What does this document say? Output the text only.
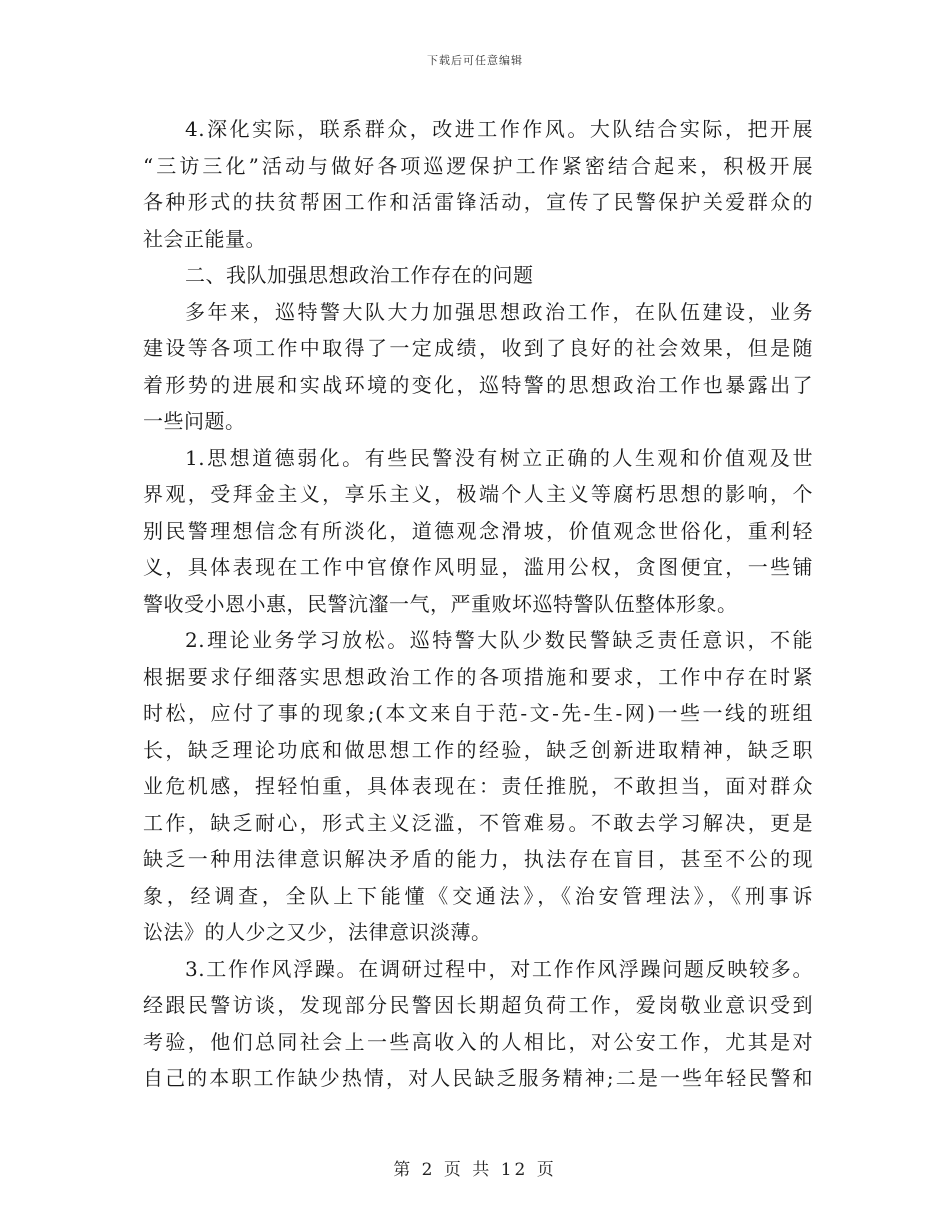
下载后可任意编辑
4.深化实际，联系群众，改进工作作风。大队结合实际，把开展
“三访三化”活动与做好各项巡逻保护工作紧密结合起来，积极开展
各种形式的扶贫帮困工作和活雷锋活动，宣传了民警保护关爱群众的
社会正能量。
二、我队加强思想政治工作存在的问题
多年来，巡特警大队大力加强思想政治工作，在队伍建设，业务
建设等各项工作中取得了一定成绩，收到了良好的社会效果，但是随
着形势的进展和实战环境的变化，巡特警的思想政治工作也暴露出了
一些问题。
1.思想道德弱化。有些民警没有树立正确的人生观和价值观及世
界观，受拜金主义，享乐主义，极端个人主义等腐朽思想的影响，个
别民警理想信念有所淡化，道德观念滑坡，价值观念世俗化，重利轻
义，具体表现在工作中官僚作风明显，滥用公权，贪图便宜，一些铺
警收受小恩小惠，民警沆瀣一气，严重败坏巡特警队伍整体形象。
2.理论业务学习放松。巡特警大队少数民警缺乏责任意识，不能
根据要求仔细落实思想政治工作的各项措施和要求，工作中存在时紧
时松，应付了事的现象;(本文来自于范-文-先-生-网)一些一线的班组
长，缺乏理论功底和做思想工作的经验，缺乏创新进取精神，缺乏职
业危机感，捏轻怕重，具体表现在：责任推脱，不敢担当，面对群众
工作，缺乏耐心，形式主义泛滥，不管难易。不敢去学习解决，更是
缺乏一种用法律意识解决矛盾的能力，执法存在盲目，甚至不公的现
象，经调查，全队上下能懂《交通法》，《治安管理法》，《刑事诉
讼法》的人少之又少，法律意识淡薄。
3.工作作风浮躁。在调研过程中，对工作作风浮躁问题反映较多。
经跟民警访谈，发现部分民警因长期超负荷工作，爱岗敬业意识受到
考验，他们总同社会上一些高收入的人相比，对公安工作，尤其是对
自己的本职工作缺少热情，对人民缺乏服务精神;二是一些年轻民警和
第 2 页 共 12 页
